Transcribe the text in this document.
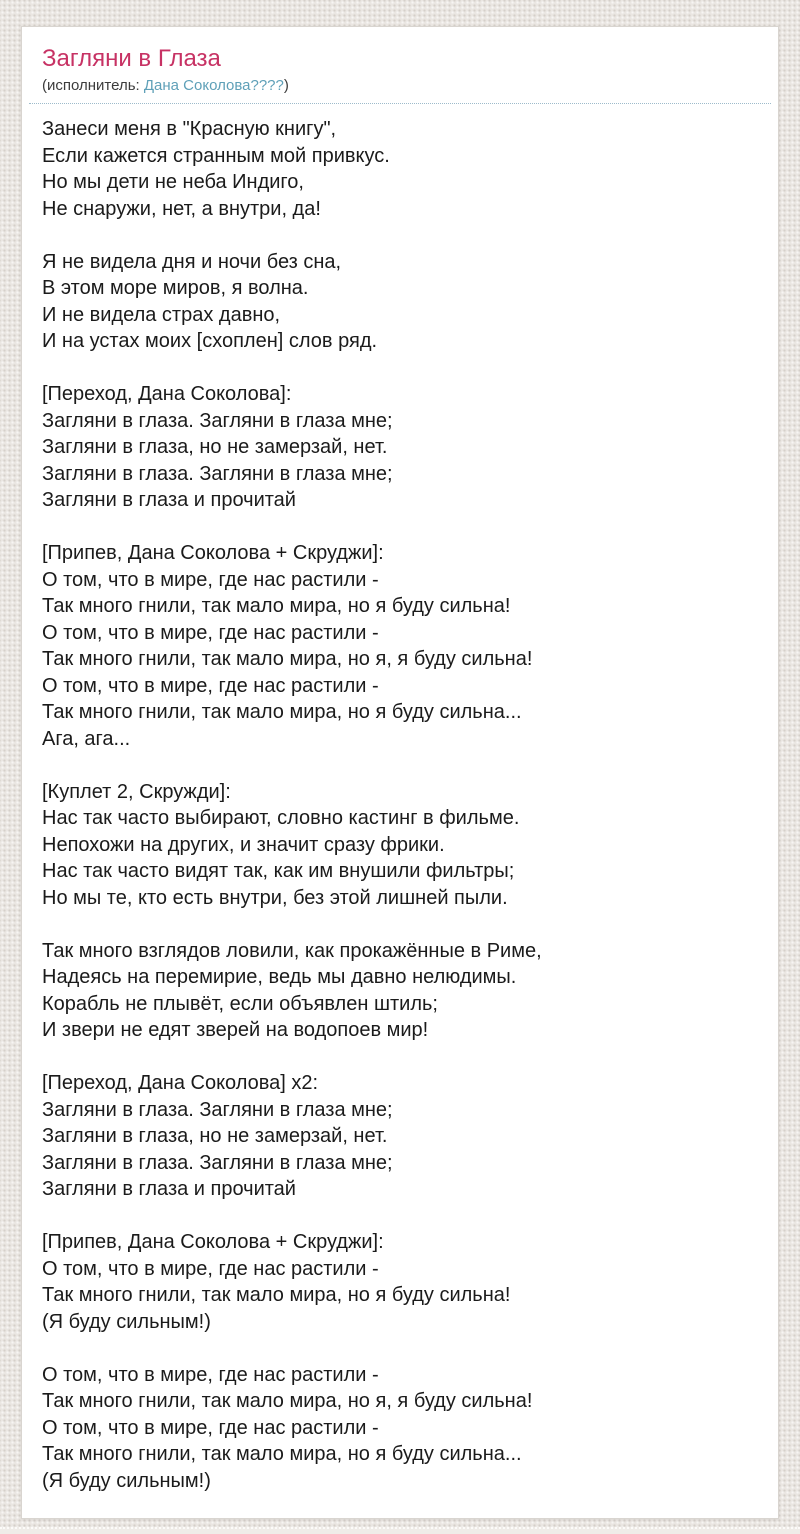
Загляни в Глаза
(исполнитель: Дана Соколова????)

Занеси меня в "Красную книгу",
Если кажется странным мой привкус.
Но мы дети не неба Индиго,
Не снаружи, нет, а внутри, да!

Я не видела дня и ночи без сна,
В этом море миров, я волна.
И не видела страх давно,
И на устах моих [схоплен] слов ряд.

[Переход, Дана Соколова]:
Загляни в глаза. Загляни в глаза мне;
Загляни в глаза, но не замерзай, нет.
Загляни в глаза. Загляни в глаза мне;
Загляни в глаза и прочитай

[Припев, Дана Соколова + Скруджи]:
О том, что в мире, где нас растили -
Так много гнили, так мало мира, но я буду сильна!
О том, что в мире, где нас растили -
Так много гнили, так мало мира, но я, я буду сильна!
О том, что в мире, где нас растили -
Так много гнили, так мало мира, но я буду сильна...
Ага, ага...

[Куплет 2, Скружди]:
Нас так часто выбирают, словно кастинг в фильме.
Непохожи на других, и значит сразу фрики.
Нас так часто видят так, как им внушили фильтры;
Но мы те, кто есть внутри, без этой лишней пыли.

Так много взглядов ловили, как прокажённые в Риме,
Надеясь на перемирие, ведь мы давно нелюдимы.
Корабль не плывёт, если объявлен штиль;
И звери не едят зверей на водопоев мир!

[Переход, Дана Соколова] x2:
Загляни в глаза. Загляни в глаза мне;
Загляни в глаза, но не замерзай, нет.
Загляни в глаза. Загляни в глаза мне;
Загляни в глаза и прочитай

[Припев, Дана Соколова + Скруджи]:
О том, что в мире, где нас растили -
Так много гнили, так мало мира, но я буду сильна!
(Я буду сильным!)

О том, что в мире, где нас растили -
Так много гнили, так мало мира, но я, я буду сильна!
О том, что в мире, где нас растили -
Так много гнили, так мало мира, но я буду сильна...
(Я буду сильным!)
